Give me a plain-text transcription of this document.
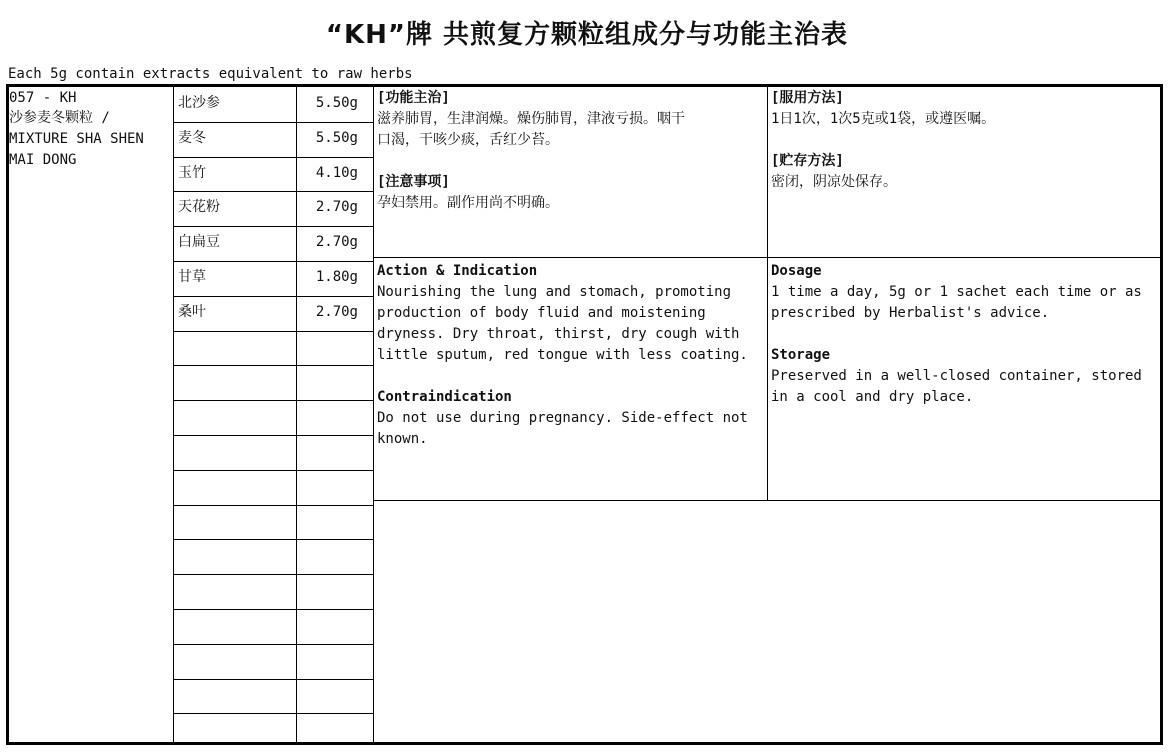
“KH”牌 共煎复方颗粒组成分与功能主治表
Each 5g contain extracts equivalent to raw herbs
057 - KH
沙参麦冬颗粒 /
MIXTURE SHA SHEN
MAI DONG
北沙参	5.50g
麦冬	5.50g
玉竹	4.10g
天花粉	2.70g
白扁豆	2.70g
甘草	1.80g
桑叶	2.70g
[功能主治]
滋养肺胃，生津润燥。燥伤肺胃，津液亏损。咽干
口渴，干咳少痰，舌红少苔。
[注意事项]
孕妇禁用。副作用尚不明确。
[服用方法]
1日1次，1次5克或1袋，或遵医嘱。
[贮存方法]
密闭，阴凉处保存。
Action & Indication
Nourishing the lung and stomach, promoting
production of body fluid and moistening
dryness. Dry throat, thirst, dry cough with
little sputum, red tongue with less coating.
Contraindication
Do not use during pregnancy. Side-effect not
known.
Dosage
1 time a day, 5g or 1 sachet each time or as
prescribed by Herbalist's advice.
Storage
Preserved in a well-closed container, stored
in a cool and dry place.
